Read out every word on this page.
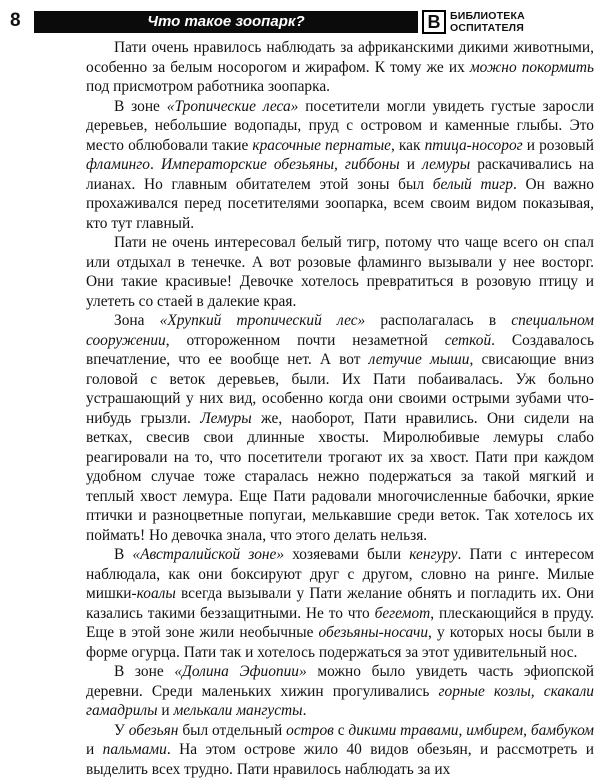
8	Что такое зоопарк?	В БИБЛИОТЕКА
ОСПИТАТЕЛЯ

Пати очень нравилось наблюдать за африканскими дикими животными, особенно за белым носорогом и жирафом. К тому же их можно покормить под присмотром работника зоопарка.

В зоне «Тропические леса» посетители могли увидеть густые заросли деревьев, небольшие водопады, пруд с островом и каменные глыбы. Это место облюбовали такие красочные пернатые, как птица-носорог и розовый фламинго. Императорские обезьяны, гиббоны и лемуры раскачивались на лианах. Но главным обитателем этой зоны был белый тигр. Он важно прохаживался перед посетителями зоопарка, всем своим видом показывая, кто тут главный.

Пати не очень интересовал белый тигр, потому что чаще всего он спал или отдыхал в тенечке. А вот розовые фламинго вызывали у нее восторг. Они такие красивые! Девочке хотелось превратиться в розовую птицу и улететь со стаей в далекие края.

Зона «Хрупкий тропический лес» располагалась в специальном сооружении, отгороженном почти незаметной сеткой. Создавалось впечатление, что ее вообще нет. А вот летучие мыши, свисающие вниз головой с веток деревьев, были. Их Пати побаивалась. Уж больно устрашающий у них вид, особенно когда они своими острыми зубами что-нибудь грызли. Лемуры же, наоборот, Пати нравились. Они сидели на ветках, свесив свои длинные хвосты. Миролюбивые лемуры слабо реагировали на то, что посетители трогают их за хвост. Пати при каждом удобном случае тоже старалась нежно подержаться за такой мягкий и теплый хвост лемура. Еще Пати радовали многочисленные бабочки, яркие птички и разноцветные попугаи, мелькавшие среди веток. Так хотелось их поймать! Но девочка знала, что этого делать нельзя.

В «Австралийской зоне» хозяевами были кенгуру. Пати с интересом наблюдала, как они боксируют друг с другом, словно на ринге. Милые мишки-коалы всегда вызывали у Пати желание обнять и погладить их. Они казались такими беззащитными. Не то что бегемот, плескающийся в пруду. Еще в этой зоне жили необычные обезьяны-носачи, у которых носы были в форме огурца. Пати так и хотелось подержаться за этот удивительный нос.

В зоне «Долина Эфиопии» можно было увидеть часть эфиопской деревни. Среди маленьких хижин прогуливались горные козлы, скакали гамадрилы и мелькали мангусты.

У обезьян был отдельный остров с дикими травами, имбирем, бамбуком и пальмами. На этом острове жило 40 видов обезьян, и рассмотреть и выделить всех трудно. Пати нравилось наблюдать за их
